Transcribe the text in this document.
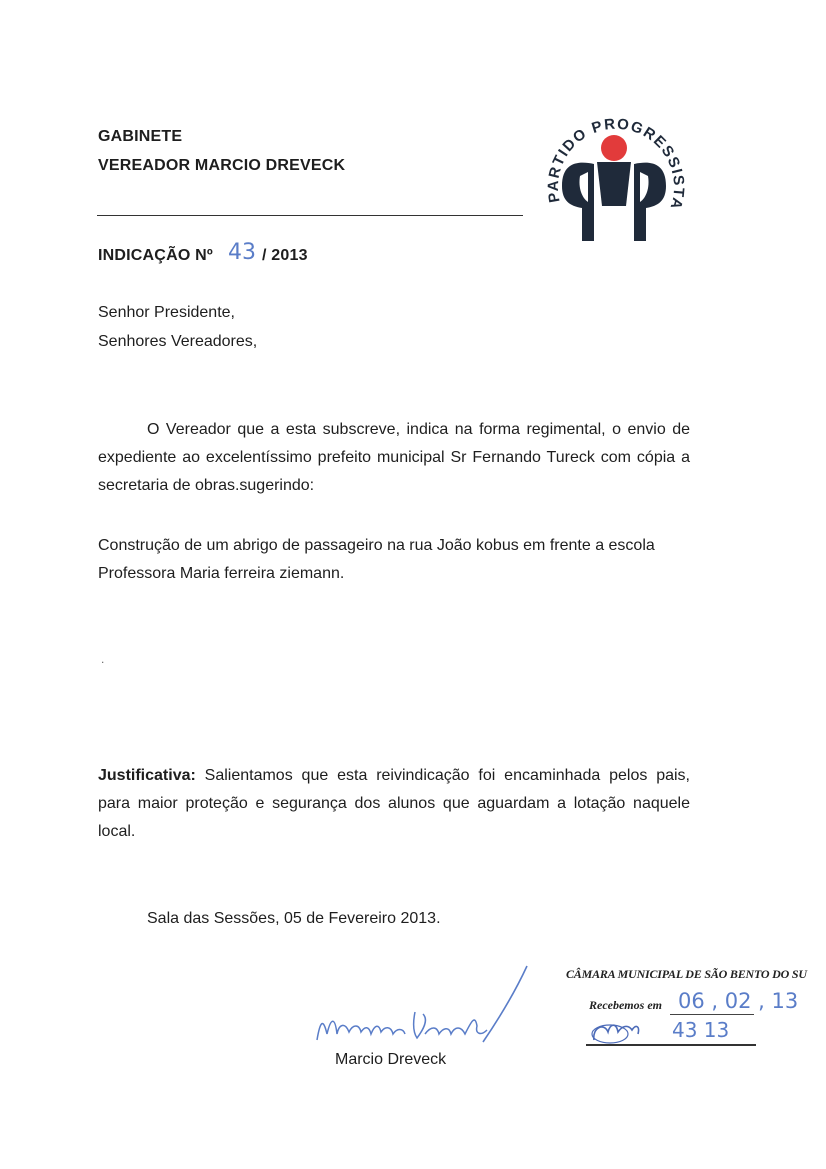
GABINETE
VEREADOR MARCIO DREVECK
PARTIDO PROGRESSISTA
INDICAÇÃO Nº 43 / 2013
Senhor Presidente,
Senhores Vereadores,
O Vereador que a esta subscreve, indica na forma regimental, o envio de expediente ao excelentíssimo prefeito municipal Sr Fernando Tureck com cópia a secretaria de obras.sugerindo:
Construção de um abrigo de passageiro na rua João kobus em frente a escola Professora Maria ferreira ziemann.
.
Justificativa: Salientamos que esta reivindicação foi encaminhada pelos pais, para maior proteção e segurança dos alunos que aguardam a lotação naquele local.
Sala das Sessões, 05 de Fevereiro 2013.
Marcio Dreveck
CÂMARA MUNICIPAL DE SÃO BENTO DO SU
Recebemos em 06 , 02 , 13
43 13
